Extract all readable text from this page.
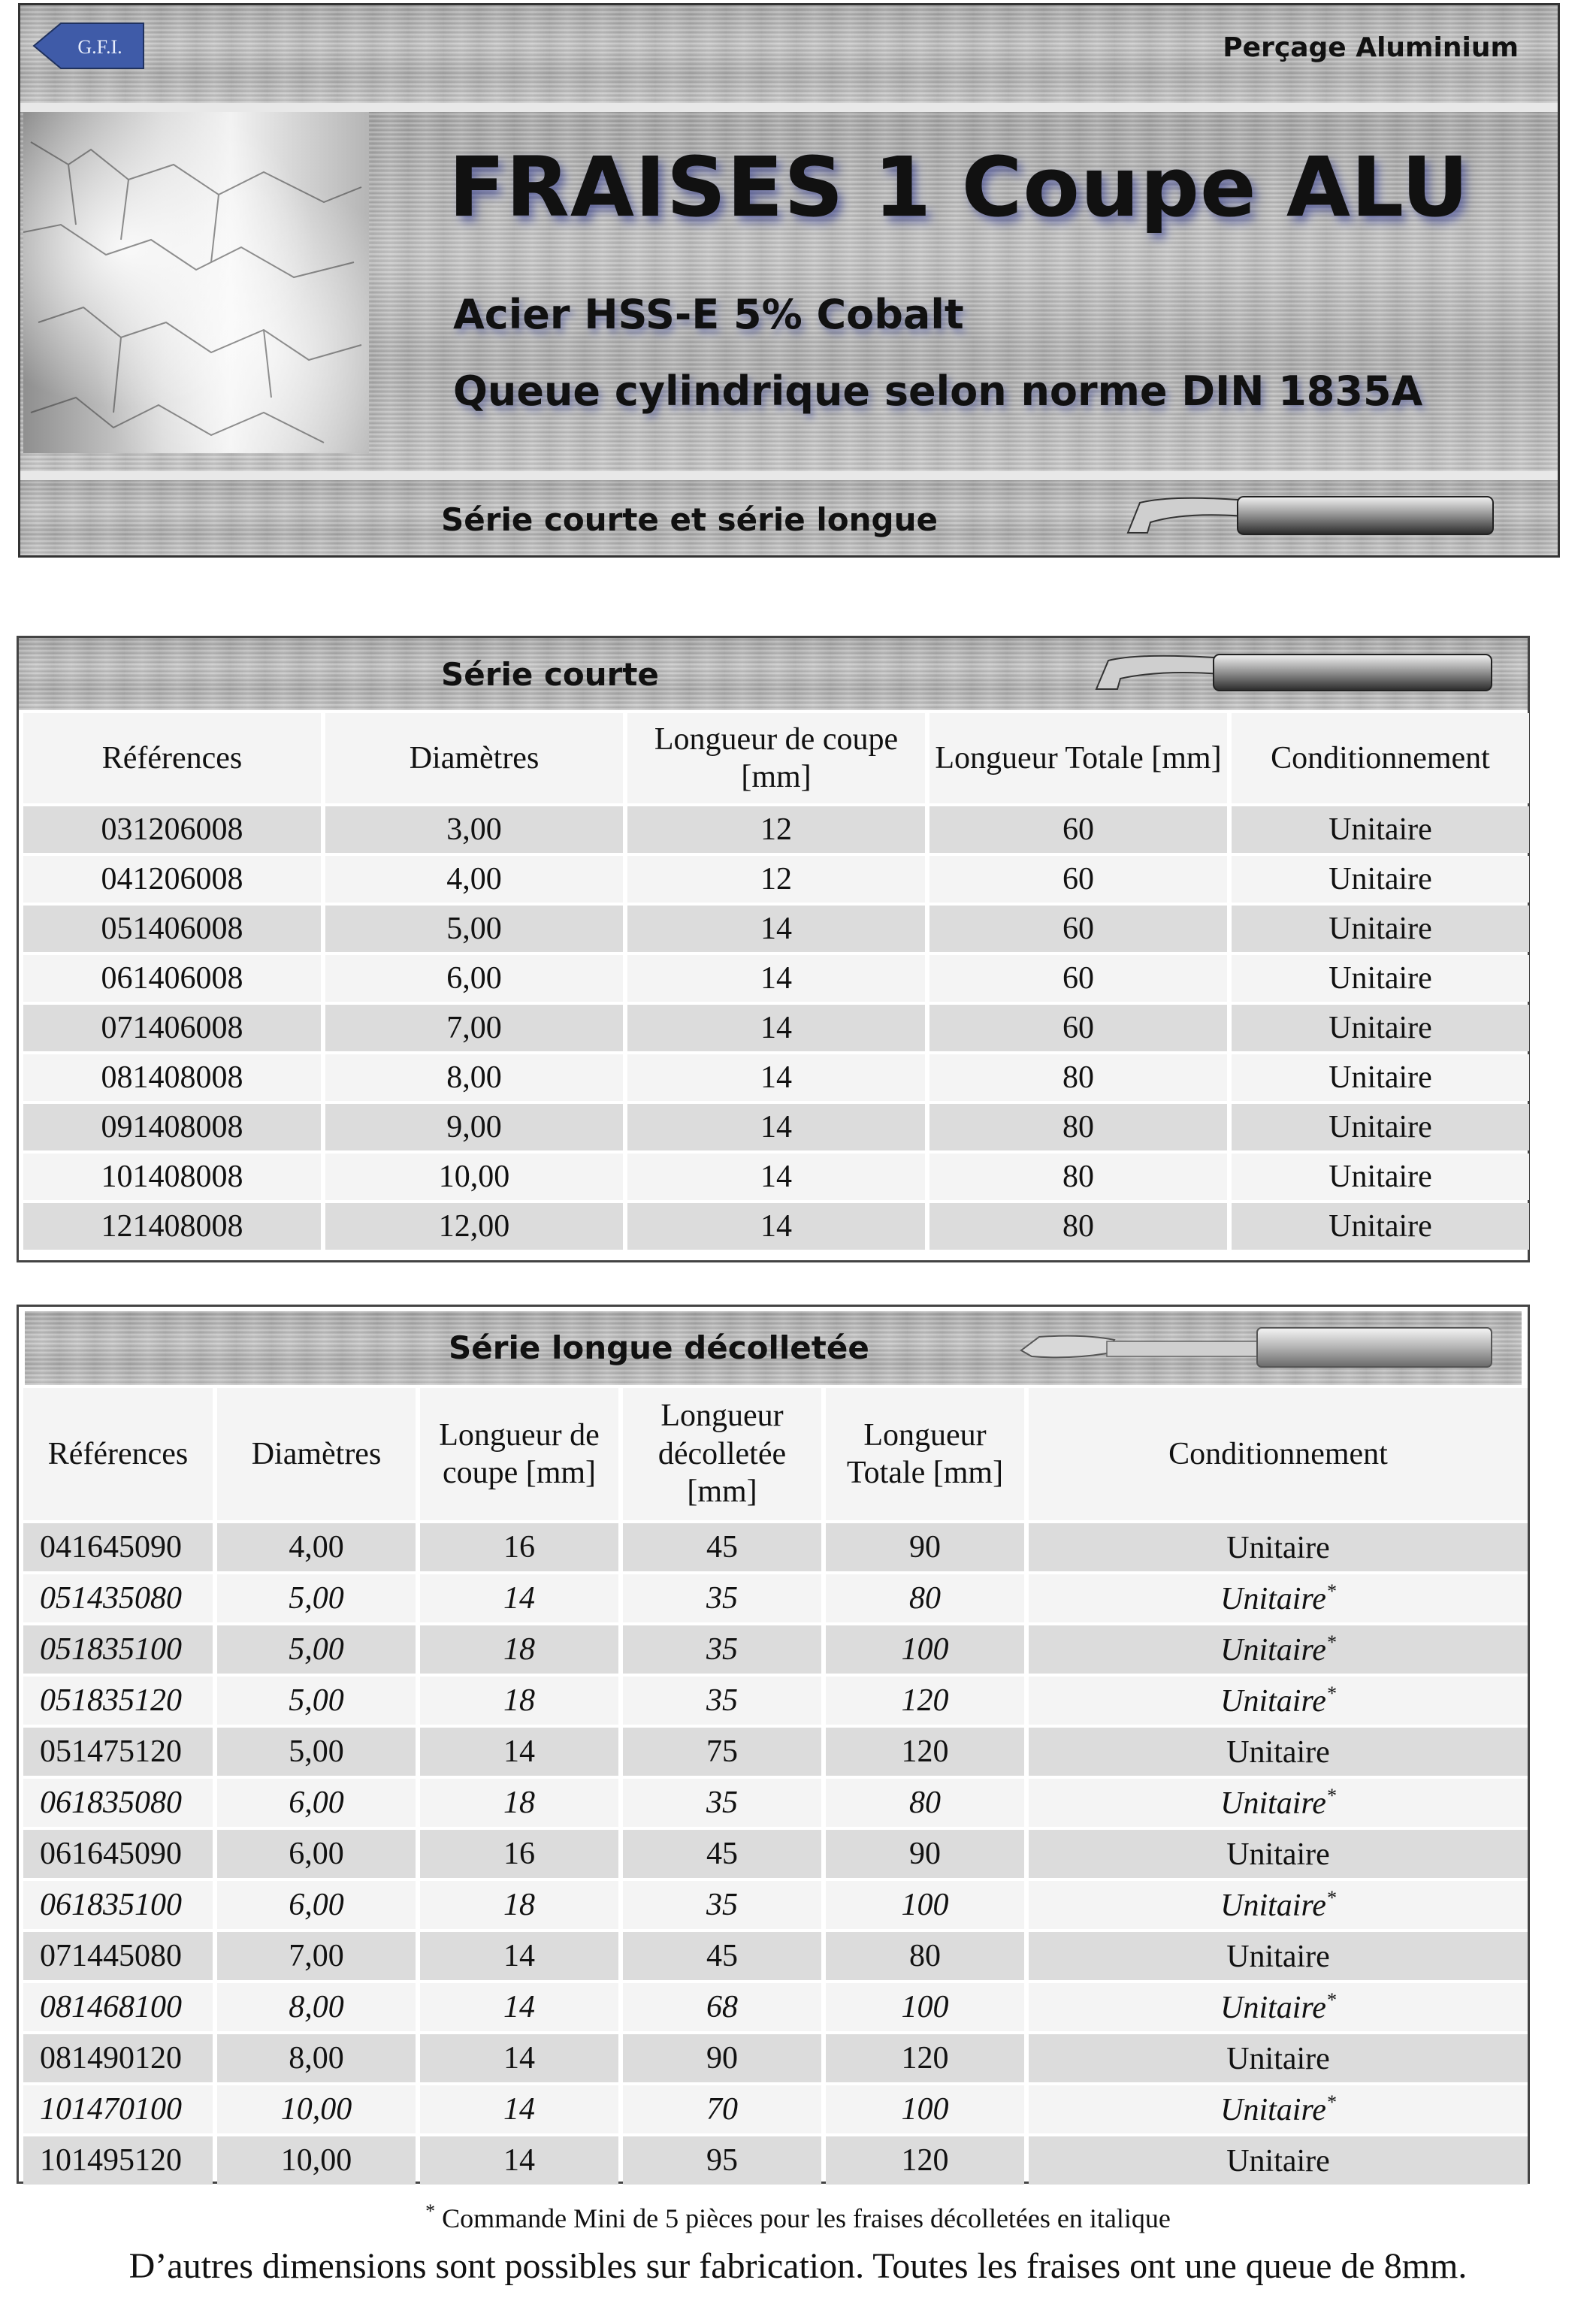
G.F.I.	Perçage Aluminium
FRAISES 1 Coupe ALU
Acier HSS-E 5% Cobalt
Queue cylindrique selon norme DIN 1835A
Série courte et série longue
Série courte
Références	Diamètres	Longueur de coupe [mm]	Longueur Totale [mm]	Conditionnement
031206008	3,00	12	60	Unitaire
041206008	4,00	12	60	Unitaire
051406008	5,00	14	60	Unitaire
061406008	6,00	14	60	Unitaire
071406008	7,00	14	60	Unitaire
081408008	8,00	14	80	Unitaire
091408008	9,00	14	80	Unitaire
101408008	10,00	14	80	Unitaire
121408008	12,00	14	80	Unitaire
Série longue décolletée
Références	Diamètres	Longueur de coupe [mm]	Longueur décolletée [mm]	Longueur Totale [mm]	Conditionnement
041645090	4,00	16	45	90	Unitaire
051435080	5,00	14	35	80	Unitaire*
051835100	5,00	18	35	100	Unitaire*
051835120	5,00	18	35	120	Unitaire*
051475120	5,00	14	75	120	Unitaire
061835080	6,00	18	35	80	Unitaire*
061645090	6,00	16	45	90	Unitaire
061835100	6,00	18	35	100	Unitaire*
071445080	7,00	14	45	80	Unitaire
081468100	8,00	14	68	100	Unitaire*
081490120	8,00	14	90	120	Unitaire
101470100	10,00	14	70	100	Unitaire*
101495120	10,00	14	95	120	Unitaire
* Commande Mini de 5 pièces pour les fraises décolletées en italique
D’autres dimensions sont possibles sur fabrication. Toutes les fraises ont une queue de 8mm.
